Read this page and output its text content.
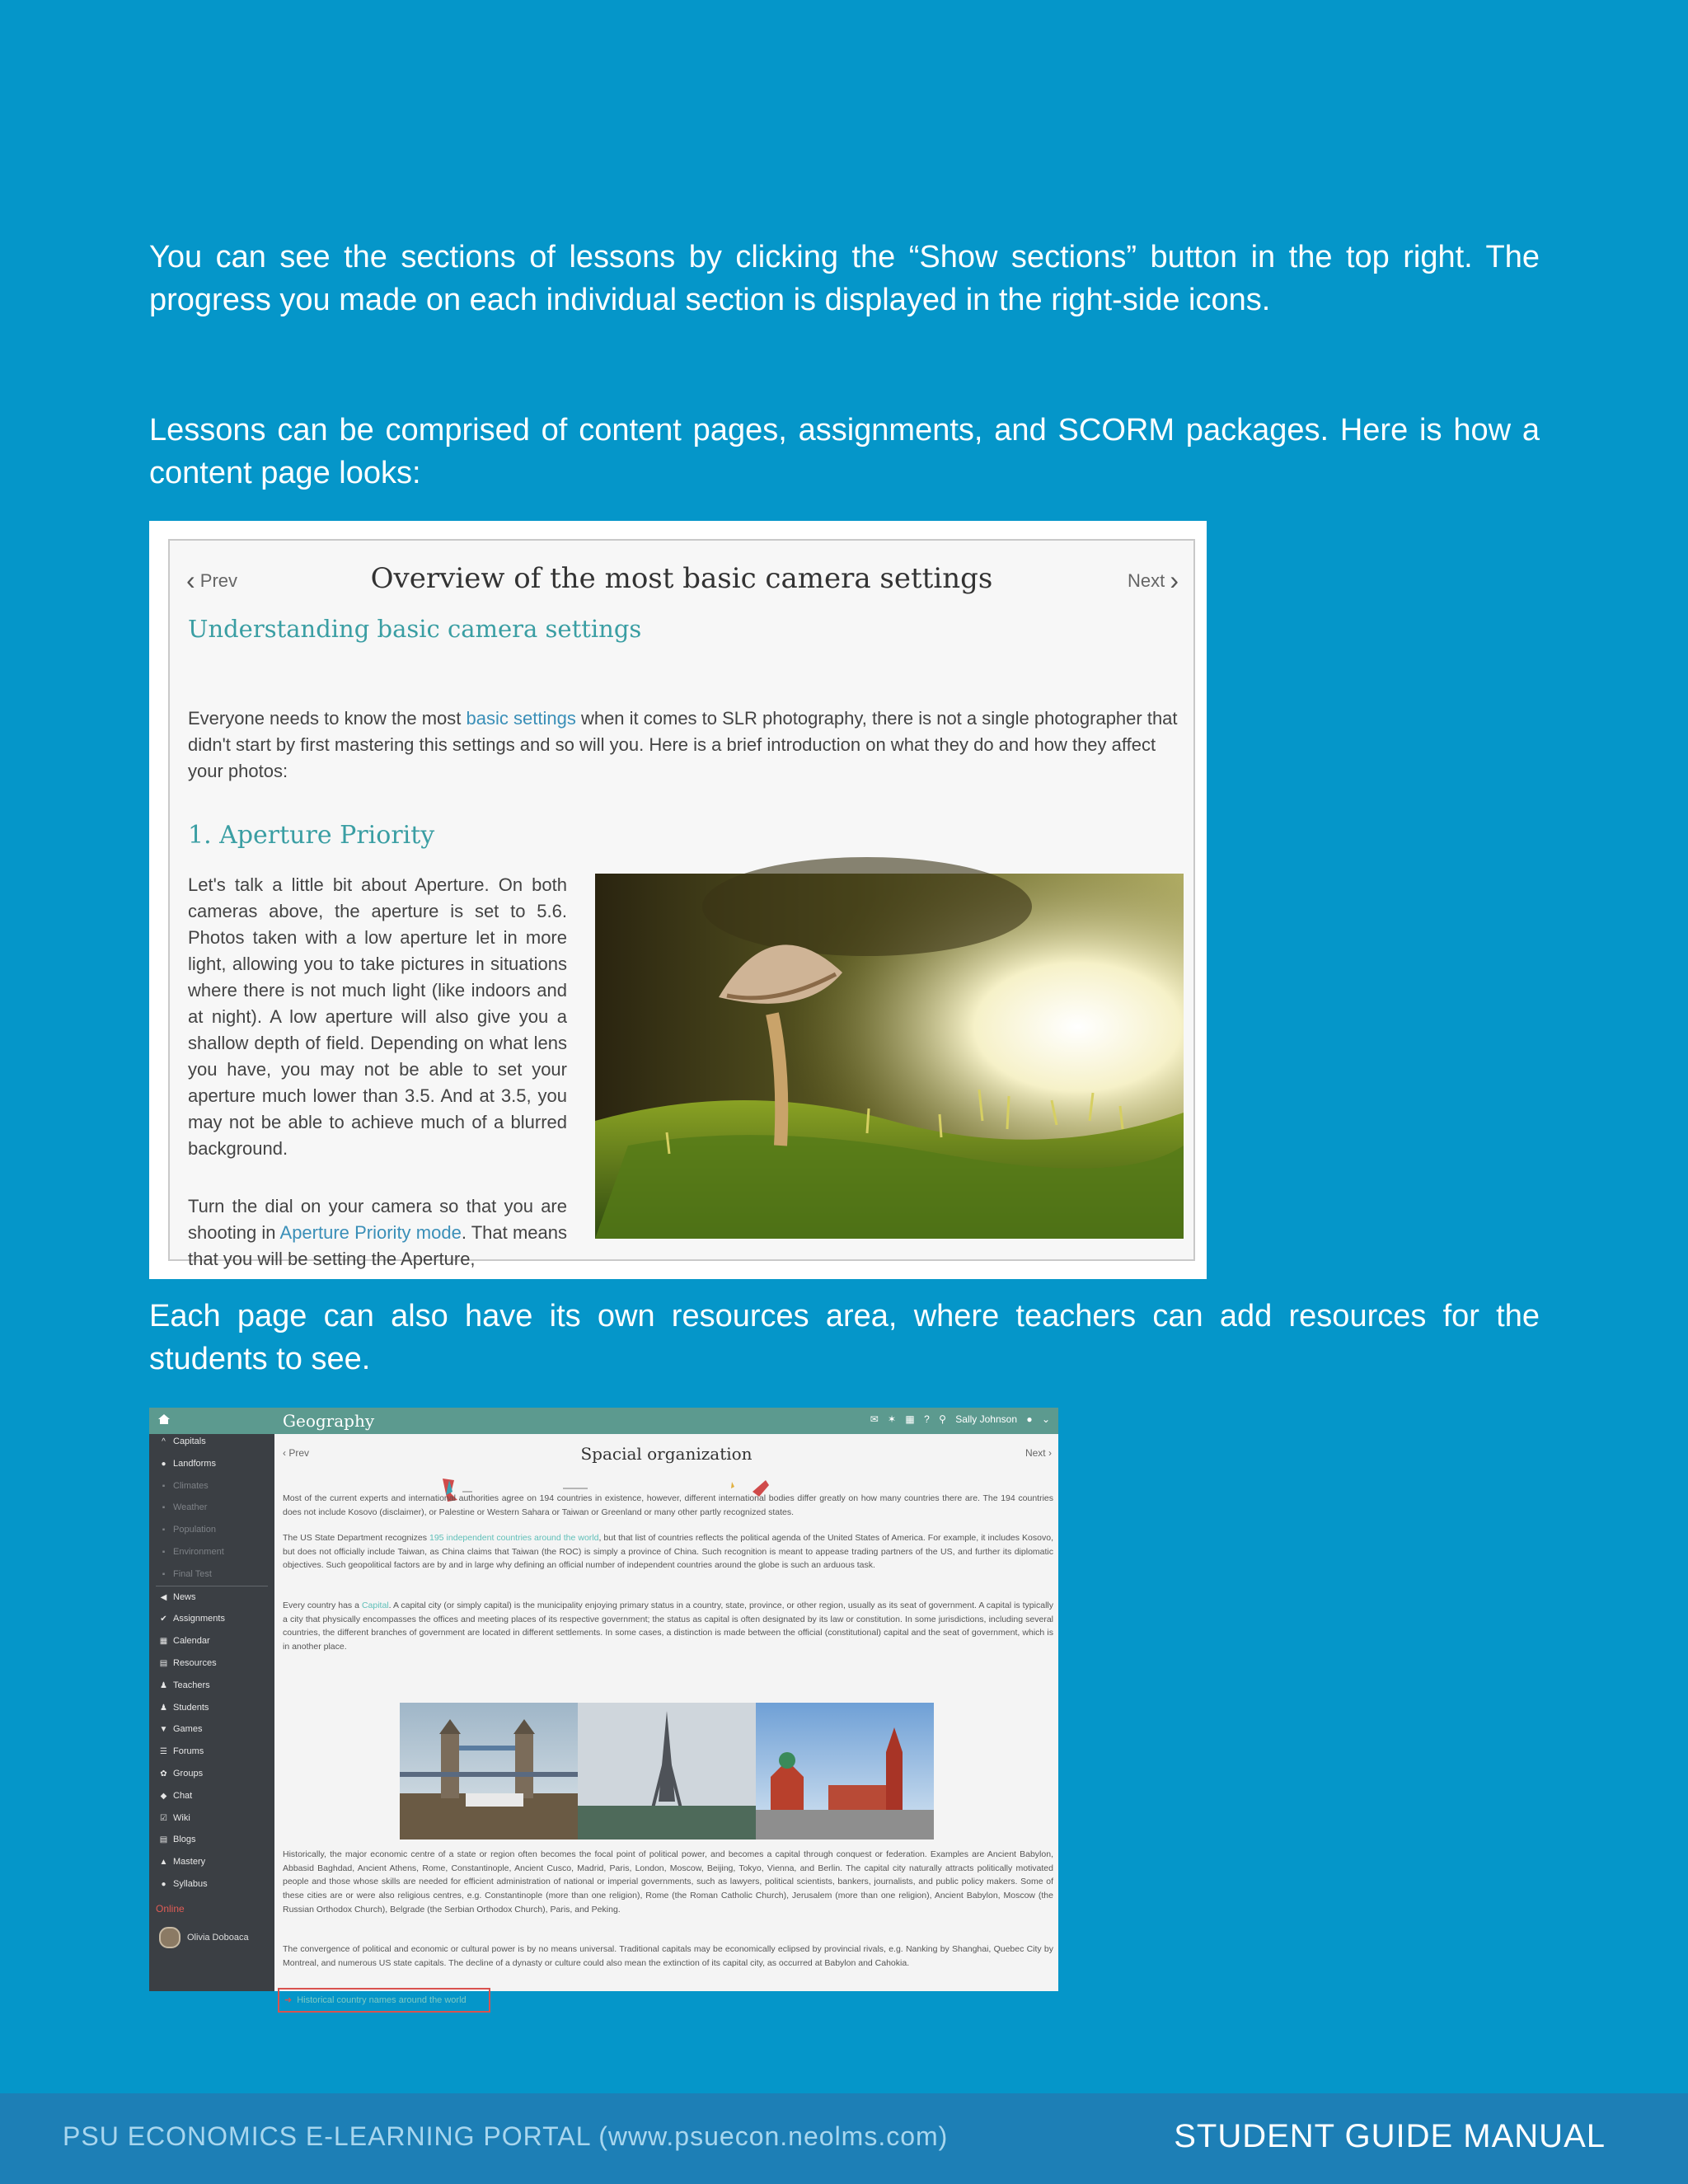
You can see the sections of lessons by clicking the “Show sections” button in the top right. The progress you made on each individual section is displayed in the right-side icons.

Lessons can be comprised of content pages, assignments, and SCORM packages. Here is how a content page looks:

‹ Prev	Overview of the most basic camera settings	Next ›
Understanding basic camera settings
Everyone needs to know the most basic settings when it comes to SLR photography, there is not a single photographer that didn't start by first mastering this settings and so will you. Here is a brief introduction on what they do and how they affect your photos:
1. Aperture Priority
Let's talk a little bit about Aperture. On both cameras above, the aperture is set to 5.6. Photos taken with a low aperture let in more light, allowing you to take pictures in situations where there is not much light (like indoors and at night). A low aperture will also give you a shallow depth of field. Depending on what lens you have, you may not be able to set your aperture much lower than 3.5. And at 3.5, you may not be able to achieve much of a blurred background.
Turn the dial on your camera so that you are shooting in Aperture Priority mode. That means that you will be setting the Aperture,

Each page can also have its own resources area, where teachers can add resources for the students to see.

^ Capitals
● Landforms
▪ Climates
▪ Weather
▪ Population
▪ Environment
▪ Final Test
◀ News
✔ Assignments
▦ Calendar
▤ Resources
♟ Teachers
♟ Students
▼ Games
☰ Forums
✿ Groups
◆ Chat
☑ Wiki
▤ Blogs
▲ Mastery
● Syllabus
Online
Olivia Doboaca
Geography	✉ ✶ ▦ ? ⚲ Sally Johnson ● ⌄
‹ Prev	Spacial organization	Next ›
Most of the current experts and international authorities agree on 194 countries in existence, however, different international bodies differ greatly on how many countries there are. The 194 countries does not include Kosovo (disclaimer), or Palestine or Western Sahara or Taiwan or Greenland or many other partly recognized states.
The US State Department recognizes 195 independent countries around the world, but that list of countries reflects the political agenda of the United States of America. For example, it includes Kosovo, but does not officially include Taiwan, as China claims that Taiwan (the ROC) is simply a province of China. Such recognition is meant to appease trading partners of the US, and further its diplomatic objectives. Such geopolitical factors are by and in large why defining an official number of independent countries around the globe is such an arduous task.
Every country has a Capital. A capital city (or simply capital) is the municipality enjoying primary status in a country, state, province, or other region, usually as its seat of government. A capital is typically a city that physically encompasses the offices and meeting places of its respective government; the status as capital is often designated by its law or constitution. In some jurisdictions, including several countries, the different branches of government are located in different settlements. In some cases, a distinction is made between the official (constitutional) capital and the seat of government, which is in another place.
Historically, the major economic centre of a state or region often becomes the focal point of political power, and becomes a capital through conquest or federation. Examples are Ancient Babylon, Abbasid Baghdad, Ancient Athens, Rome, Constantinople, Ancient Cusco, Madrid, Paris, London, Moscow, Beijing, Tokyo, Vienna, and Berlin. The capital city naturally attracts politically motivated people and those whose skills are needed for efficient administration of national or imperial governments, such as lawyers, political scientists, bankers, journalists, and public policy makers. Some of these cities are or were also religious centres, e.g. Constantinople (more than one religion), Rome (the Roman Catholic Church), Jerusalem (more than one religion), Ancient Babylon, Moscow (the Russian Orthodox Church), Belgrade (the Serbian Orthodox Church), Paris, and Peking.
The convergence of political and economic or cultural power is by no means universal. Traditional capitals may be economically eclipsed by provincial rivals, e.g. Nanking by Shanghai, Quebec City by Montreal, and numerous US state capitals. The decline of a dynasty or culture could also mean the extinction of its capital city, as occurred at Babylon and Cahokia.
➜ Historical country names around the world
PSU ECONOMICS E-LEARNING PORTAL (www.psuecon.neolms.com)	STUDENT GUIDE MANUAL
